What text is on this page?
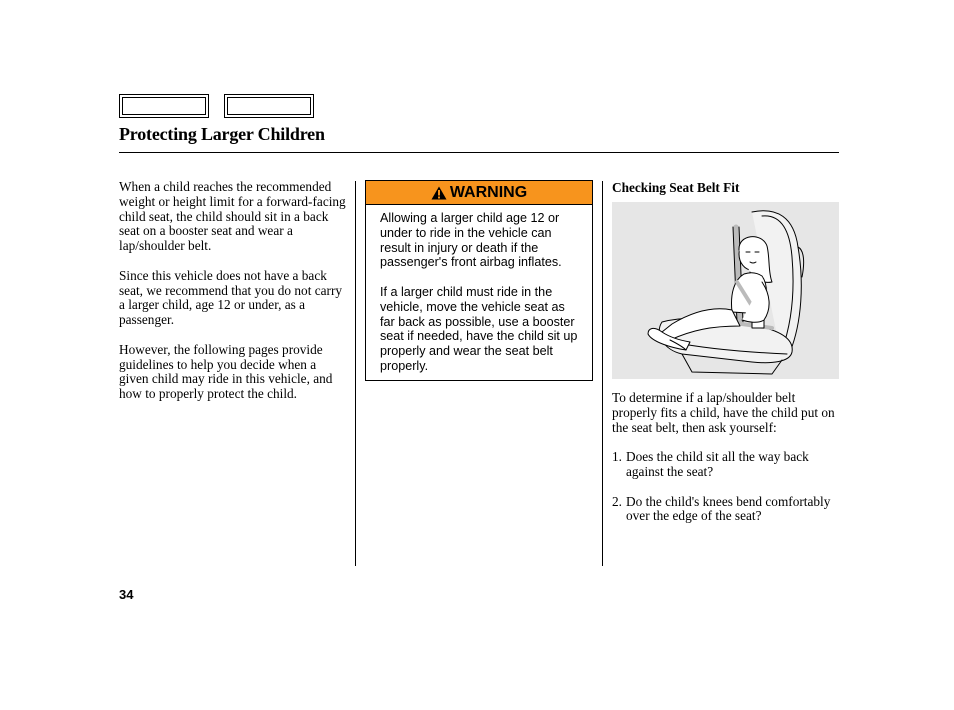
Protecting Larger Children

When a child reaches the recommended weight or height limit for a forward-facing child seat, the child should sit in a back seat on a booster seat and wear a lap/shoulder belt.

Since this vehicle does not have a back seat, we recommend that you do not carry a larger child, age 12 or under, as a passenger.

However, the following pages provide guidelines to help you decide when a given child may ride in this vehicle, and how to properly protect the child.

WARNING

Allowing a larger child age 12 or under to ride in the vehicle can result in injury or death if the passenger's front airbag inflates.

If a larger child must ride in the vehicle, move the vehicle seat as far back as possible, use a booster seat if needed, have the child sit up properly and wear the seat belt properly.

Checking Seat Belt Fit

To determine if a lap/shoulder belt properly fits a child, have the child put on the seat belt, then ask yourself:

1. Does the child sit all the way back against the seat?
2. Do the child's knees bend comfortably over the edge of the seat?
34
